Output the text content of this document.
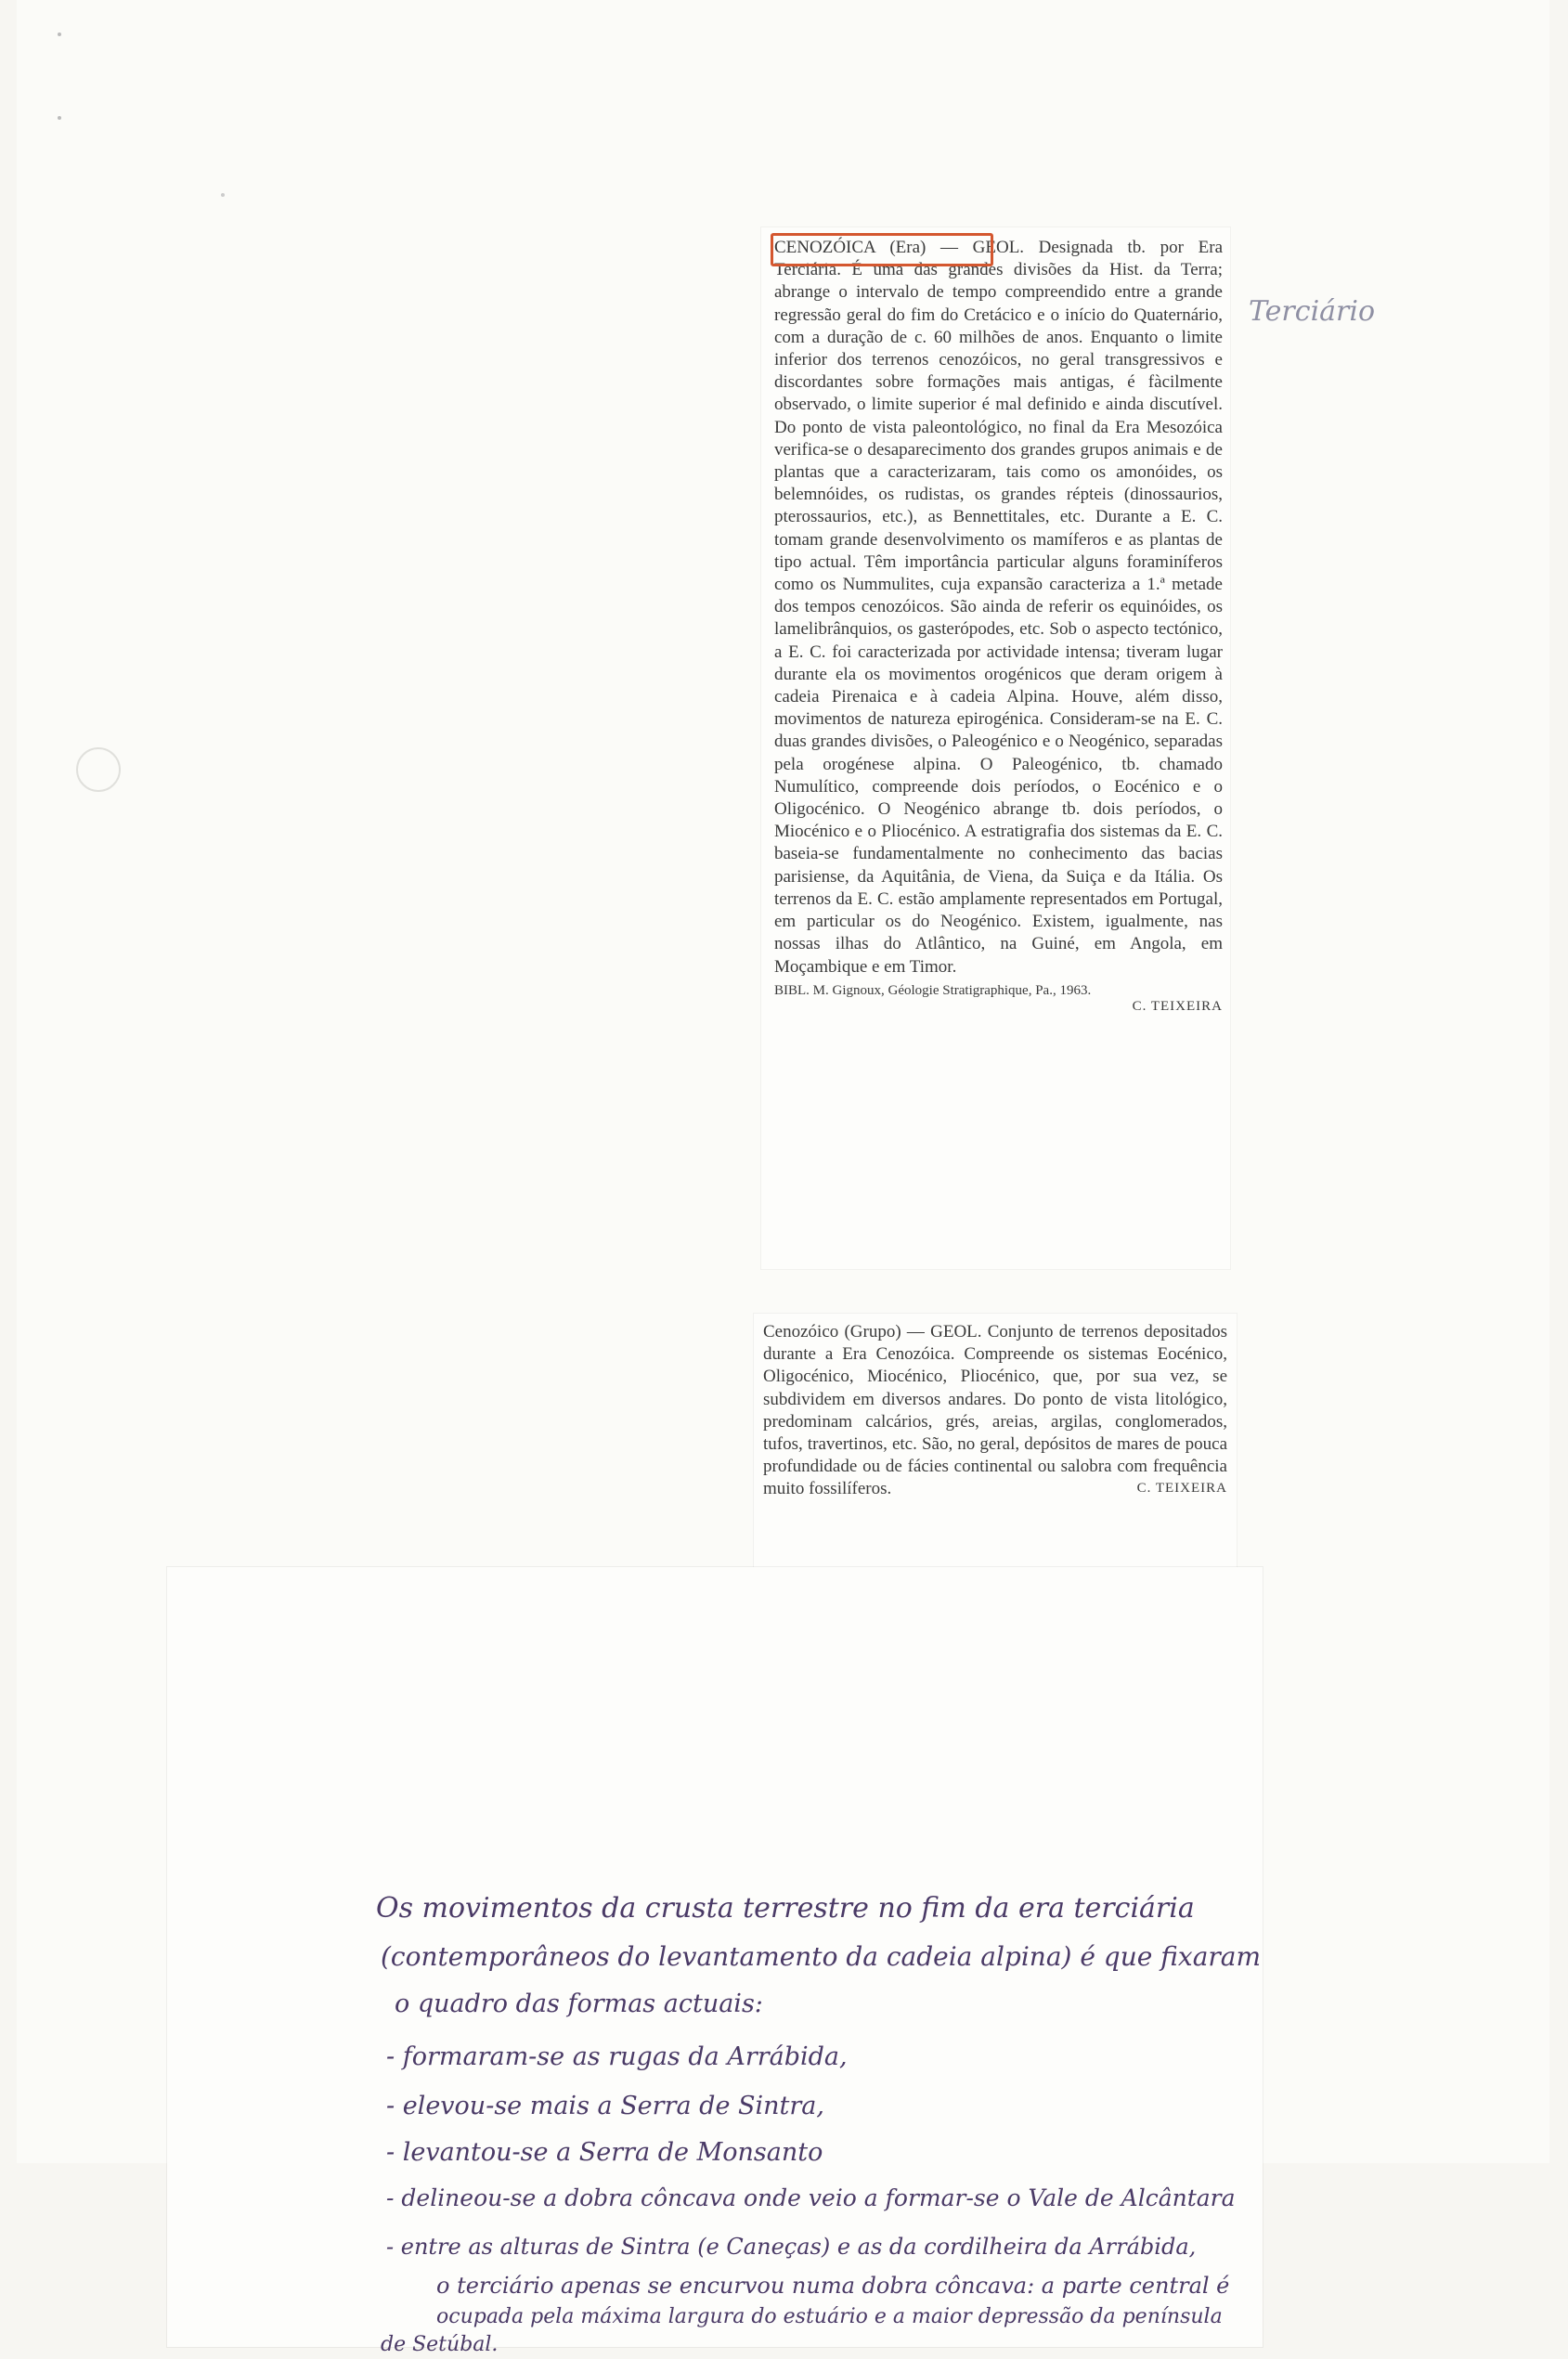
CENOZÓICA (Era) — GEOL. Designada tb. por Era Terciária. É uma das grandes divisões da Hist. da Terra; abrange o intervalo de tempo compreendido entre a grande regressão geral do fim do Cretácico e o início do Quaternário, com a duração de c. 60 milhões de anos. Enquanto o limite inferior dos terrenos cenozóicos, no geral transgressivos e discordantes sobre formações mais antigas, é fàcilmente observado, o limite superior é mal definido e ainda discutível. Do ponto de vista paleontológico, no final da Era Mesozóica verifica-se o desaparecimento dos grandes grupos animais e de plantas que a caracterizaram, tais como os amonóides, os belemnóides, os rudistas, os grandes répteis (dinossaurios, pterossaurios, etc.), as Bennettitales, etc. Durante a E. C. tomam grande desenvolvimento os mamíferos e as plantas de tipo actual. Têm importância particular alguns foraminíferos como os Nummulites, cuja expansão caracteriza a 1.ª metade dos tempos cenozóicos. São ainda de referir os equinóides, os lamelibrânquios, os gasterópodes, etc. Sob o aspecto tectónico, a E. C. foi caracterizada por actividade intensa; tiveram lugar durante ela os movimentos orogénicos que deram origem à cadeia Pirenaica e à cadeia Alpina. Houve, além disso, movimentos de natureza epirogénica. Consideram-se na E. C. duas grandes divisões, o Paleogénico e o Neogénico, separadas pela orogénese alpina. O Paleogénico, tb. chamado Numulítico, compreende dois períodos, o Eocénico e o Oligocénico. O Neogénico abrange tb. dois períodos, o Miocénico e o Pliocénico. A estratigrafia dos sistemas da E. C. baseia-se fundamentalmente no conhecimento das bacias parisiense, da Aquitânia, de Viena, da Suiça e da Itália. Os terrenos da E. C. estão amplamente representados em Portugal, em particular os do Neogénico. Existem, igualmente, nas nossas ilhas do Atlântico, na Guiné, em Angola, em Moçambique e em Timor.

BIBL. M. Gignoux, Géologie Stratigraphique, Pa., 1963.

C. TEIXEIRA
Terciário

Cenozóico (Grupo) — GEOL. Conjunto de terrenos depositados durante a Era Cenozóica. Compreende os sistemas Eocénico, Oligocénico, Miocénico, Pliocénico, que, por sua vez, se subdividem em diversos andares. Do ponto de vista litológico, predominam calcários, grés, areias, argilas, conglomerados, tufos, travertinos, etc. São, no geral, depósitos de mares de pouca profundidade ou de fácies continental ou salobra com frequência muito fossilíferos.	C. TEIXEIRA
Os movimentos da crusta terrestre no fim da era terciária
(contemporâneos do levantamento da cadeia alpina) é que fixaram
o quadro das formas actuais:
- formaram-se as rugas da Arrábida,
- elevou-se mais a Serra de Sintra,
- levantou-se a Serra de Monsanto
- delineou-se a dobra côncava onde veio a formar-se o Vale de Alcântara
- entre as alturas de Sintra (e Caneças) e as da cordilheira da Arrábida,
o terciário apenas se encurvou numa dobra côncava: a parte central é
ocupada pela máxima largura do estuário e a maior depressão da península
de Setúbal.
